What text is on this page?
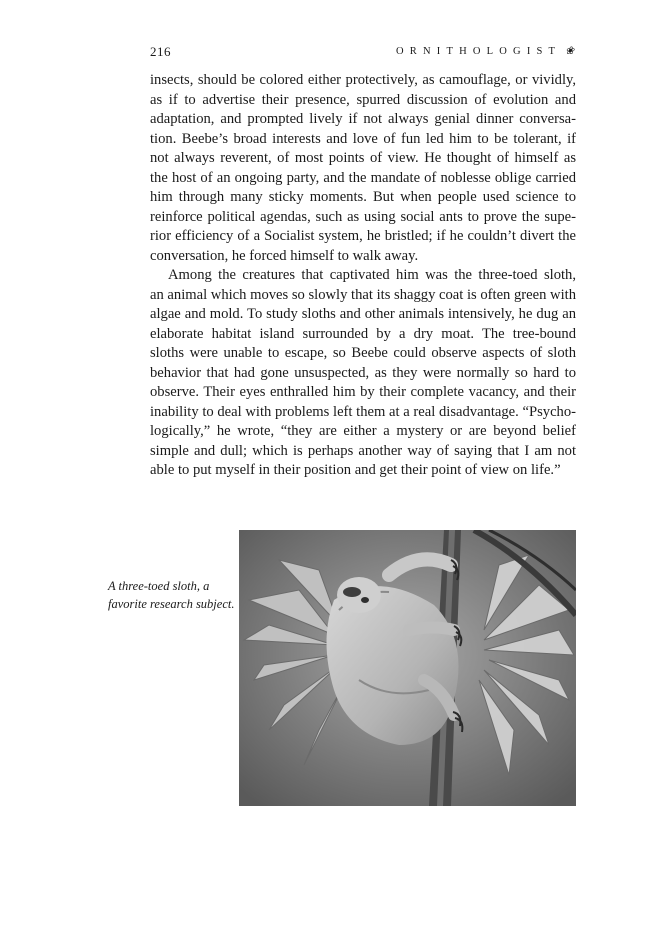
216	ORNITHOLOGIST ❀
insects, should be colored either protectively, as camouflage, or vividly,
as if to advertise their presence, spurred discussion of evolution and
adaptation, and prompted lively if not always genial dinner conversa-
tion. Beebe’s broad interests and love of fun led him to be tolerant, if
not always reverent, of most points of view. He thought of himself as
the host of an ongoing party, and the mandate of noblesse oblige carried
him through many sticky moments. But when people used science to
reinforce political agendas, such as using social ants to prove the supe-
rior efficiency of a Socialist system, he bristled; if he couldn’t divert the
conversation, he forced himself to walk away.
Among the creatures that captivated him was the three-toed sloth,
an animal which moves so slowly that its shaggy coat is often green with
algae and mold. To study sloths and other animals intensively, he dug an
elaborate habitat island surrounded by a dry moat. The tree-bound
sloths were unable to escape, so Beebe could observe aspects of sloth
behavior that had gone unsuspected, as they were normally so hard to
observe. Their eyes enthralled him by their complete vacancy, and their
inability to deal with problems left them at a real disadvantage. “Psycho-
logically,” he wrote, “they are either a mystery or are beyond belief
simple and dull; which is perhaps another way of saying that I am not
able to put myself in their position and get their point of view on life.”
A three-toed sloth, a
favorite research subject.
